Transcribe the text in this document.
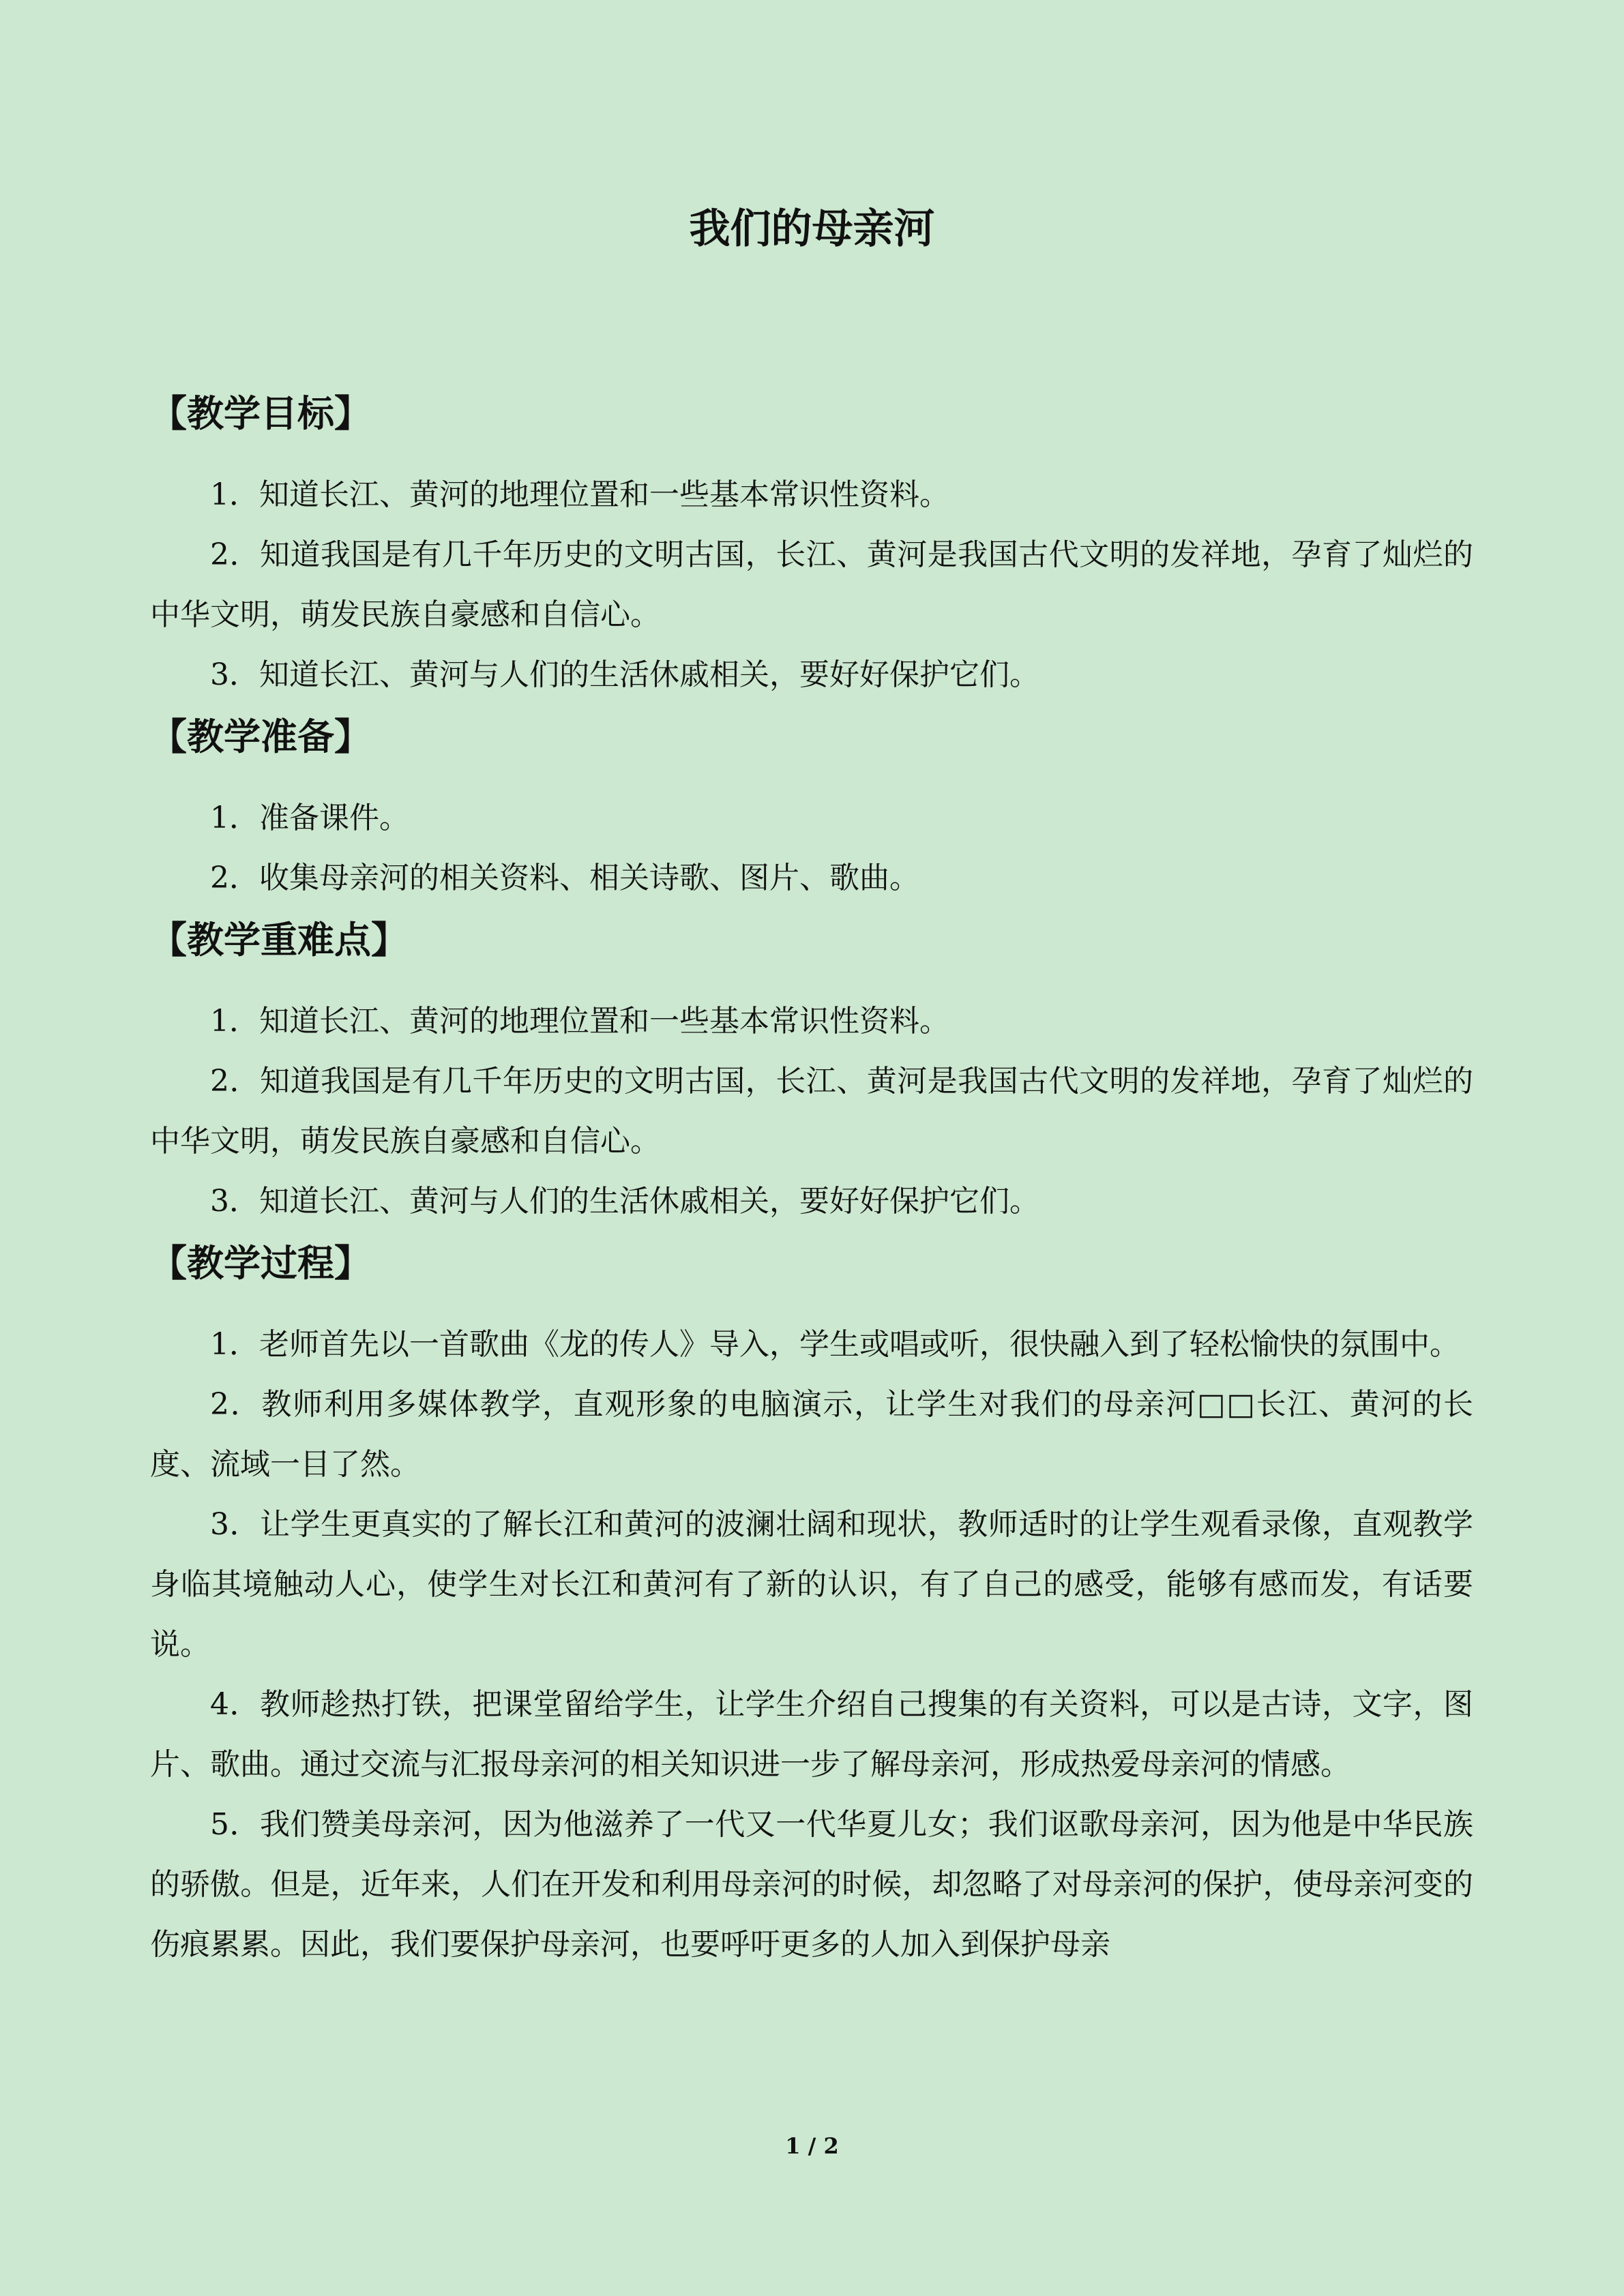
我们的母亲河
【教学目标】

1．知道长江、黄河的地理位置和一些基本常识性资料。

2．知道我国是有几千年历史的文明古国，长江、黄河是我国古代文明的发祥地，孕育了灿烂的中华文明，萌发民族自豪感和自信心。

3．知道长江、黄河与人们的生活休戚相关，要好好保护它们。

【教学准备】

1．准备课件。

2．收集母亲河的相关资料、相关诗歌、图片、歌曲。

【教学重难点】

1．知道长江、黄河的地理位置和一些基本常识性资料。

2．知道我国是有几千年历史的文明古国，长江、黄河是我国古代文明的发祥地，孕育了灿烂的中华文明，萌发民族自豪感和自信心。

3．知道长江、黄河与人们的生活休戚相关，要好好保护它们。

【教学过程】

1．老师首先以一首歌曲《龙的传人》导入，学生或唱或听，很快融入到了轻松愉快的氛围中。

2．教师利用多媒体教学，直观形象的电脑演示，让学生对我们的母亲河□□长江、黄河的长度、流域一目了然。

3．让学生更真实的了解长江和黄河的波澜壮阔和现状，教师适时的让学生观看录像，直观教学身临其境触动人心，使学生对长江和黄河有了新的认识，有了自己的感受，能够有感而发，有话要说。

4．教师趁热打铁，把课堂留给学生，让学生介绍自己搜集的有关资料，可以是古诗，文字，图片、歌曲。通过交流与汇报母亲河的相关知识进一步了解母亲河，形成热爱母亲河的情感。

5．我们赞美母亲河，因为他滋养了一代又一代华夏儿女；我们讴歌母亲河，因为他是中华民族的骄傲。但是，近年来，人们在开发和利用母亲河的时候，却忽略了对母亲河的保护，使母亲河变的伤痕累累。因此，我们要保护母亲河，也要呼吁更多的人加入到保护母亲

1 / 2
